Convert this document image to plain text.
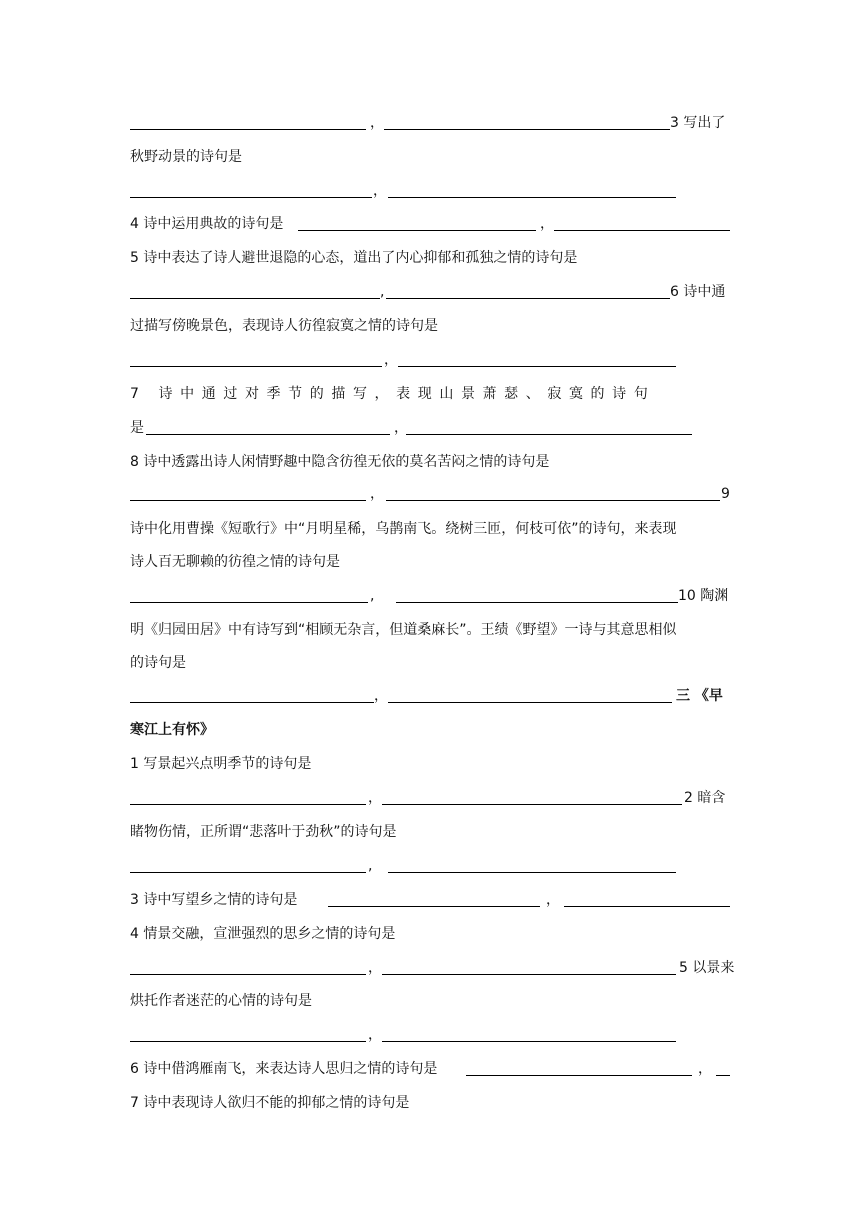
，	3 写出了
秋野动景的诗句是
，
4 诗中运用典故的诗句是	，
5 诗中表达了诗人避世退隐的心态，道出了内心抑郁和孤独之情的诗句是
,	6 诗中通
过描写傍晚景色，表现诗人彷徨寂寞之情的诗句是
，
7 诗中通过对季节的描写，表现山景萧瑟、寂寞的诗句
是	，
8 诗中透露出诗人闲情野趣中隐含彷徨无依的莫名苦闷之情的诗句是
，	9
诗中化用曹操《短歌行》中“月明星稀，乌鹊南飞。绕树三匝，何枝可依”的诗句，来表现
诗人百无聊赖的彷徨之情的诗句是
,	10 陶渊
明《归园田居》中有诗写到“相顾无杂言，但道桑麻长”。王绩《野望》一诗与其意思相似
的诗句是
，	三 《早
寒江上有怀》
1 写景起兴点明季节的诗句是
，	2 暗含
睹物伤情，正所谓“悲落叶于劲秋”的诗句是
,
3 诗中写望乡之情的诗句是	，
4 情景交融，宣泄强烈的思乡之情的诗句是
，	5 以景来
烘托作者迷茫的心情的诗句是
，
6 诗中借鸿雁南飞，来表达诗人思归之情的诗句是	，
7 诗中表现诗人欲归不能的抑郁之情的诗句是
